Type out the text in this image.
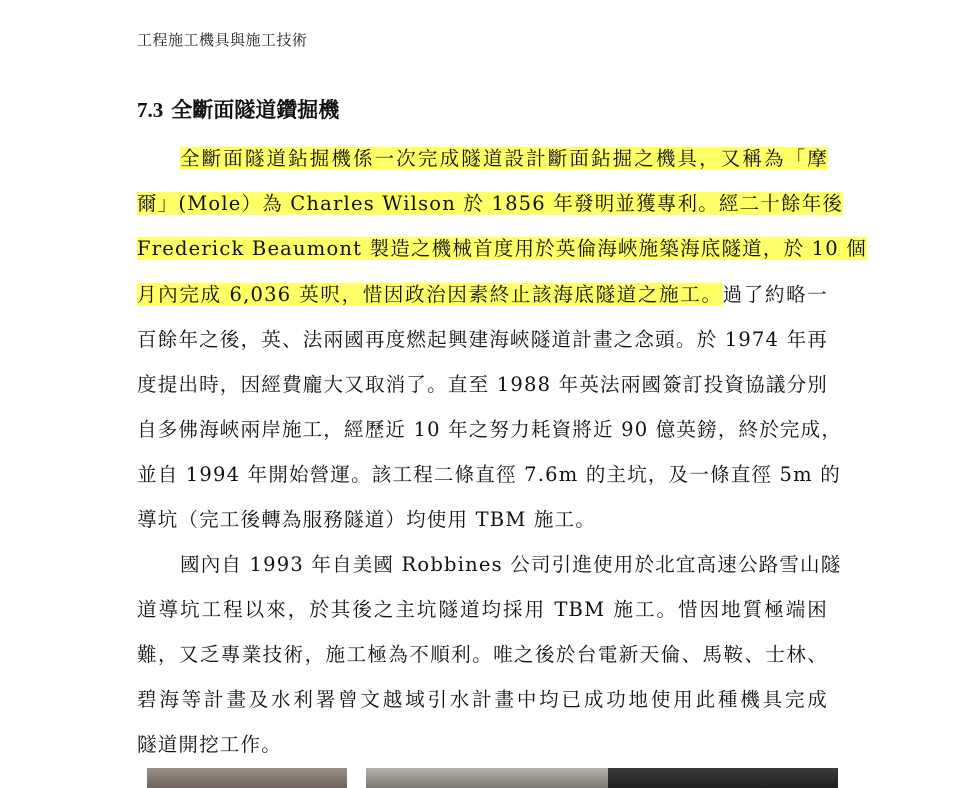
工程施工機具與施工技術
7.3 全斷面隧道鑽掘機
全斷面隧道鉆掘機係一次完成隧道設計斷面鉆掘之機具，又稱為「摩
爾」(Mole）為 Charles Wilson 於 1856 年發明並獲專利。經二十餘年後
Frederick Beaumont 製造之機械首度用於英倫海峽施築海底隧道，於 10 個
月內完成 6,036 英呎，惜因政治因素終止該海底隧道之施工。過了約略一
百餘年之後，英、法兩國再度燃起興建海峽隧道計畫之念頭。於 1974 年再
度提出時，因經費龐大又取消了。直至 1988 年英法兩國簽訂投資協議分別
自多佛海峽兩岸施工，經歷近 10 年之努力耗資將近 90 億英鎊，終於完成，
並自 1994 年開始營運。該工程二條直徑 7.6m 的主坑，及一條直徑 5m 的
導坑（完工後轉為服務隧道）均使用 TBM 施工。
國內自 1993 年自美國 Robbines 公司引進使用於北宜高速公路雪山隧
道導坑工程以來，於其後之主坑隧道均採用 TBM 施工。惜因地質極端困
難，又乏專業技術，施工極為不順利。唯之後於台電新天倫、馬鞍、士林、
碧海等計畫及水利署曾文越域引水計畫中均已成功地使用此種機具完成
隧道開挖工作。
